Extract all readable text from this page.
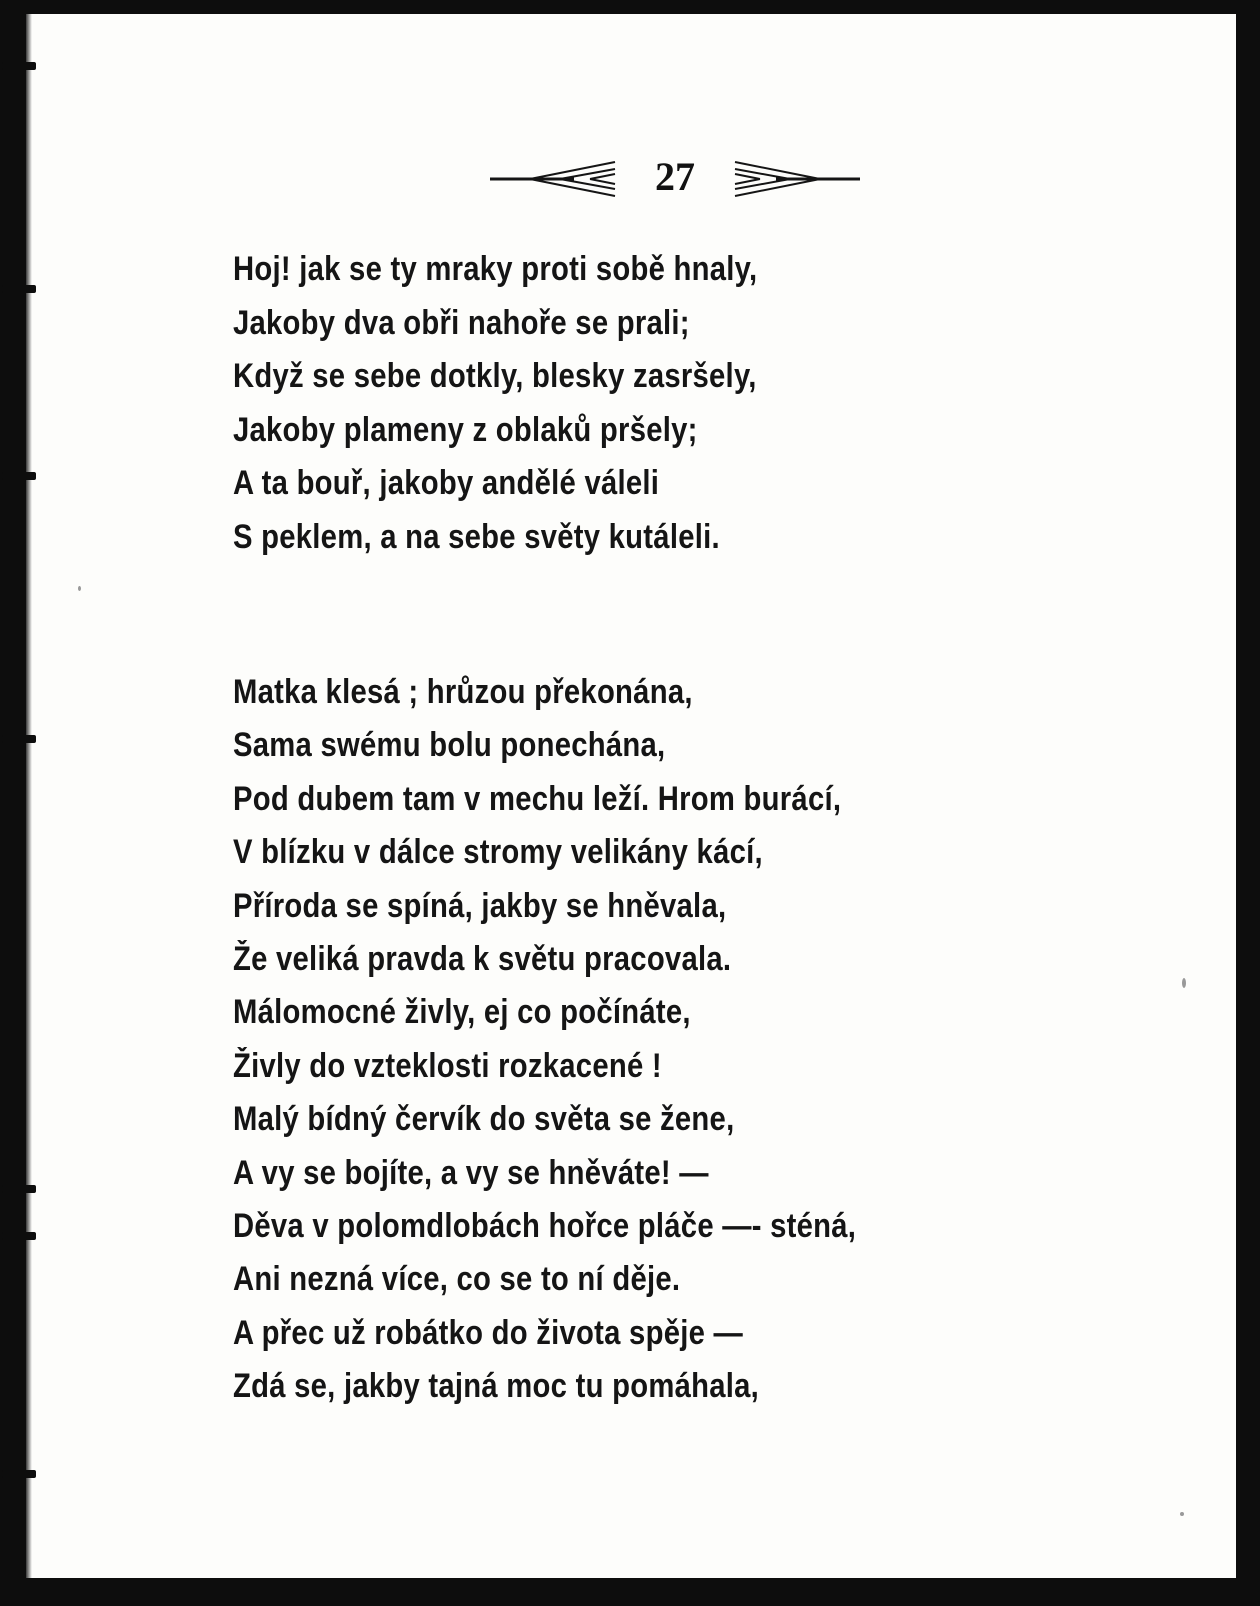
27
Hoj! jak se ty mraky proti sobě hnaly,
Jakoby dva obři nahoře se prali;
Když se sebe dotkly, blesky zasršely,
Jakoby plameny z oblaků pršely;
A ta bouř, jakoby andělé váleli
S peklem, a na sebe světy kutáleli.
Matka klesá ; hrůzou překonána,
Sama swému bolu ponechána,
Pod dubem tam v mechu leží. Hrom burácí,
V blízku v dálce stromy velikány kácí,
Příroda se spíná, jakby se hněvala,
Že veliká pravda k světu pracovala.
Málomocné živly, ej co počínáte,
Živly do vzteklosti rozkacené !
Malý bídný červík do světa se žene,
A vy se bojíte, a vy se hněváte! —
Děva v polomdlobách hořce pláče —- sténá,
Ani nezná více, co se to ní děje.
A přec už robátko do života spěje —
Zdá se, jakby tajná moc tu pomáhala,
